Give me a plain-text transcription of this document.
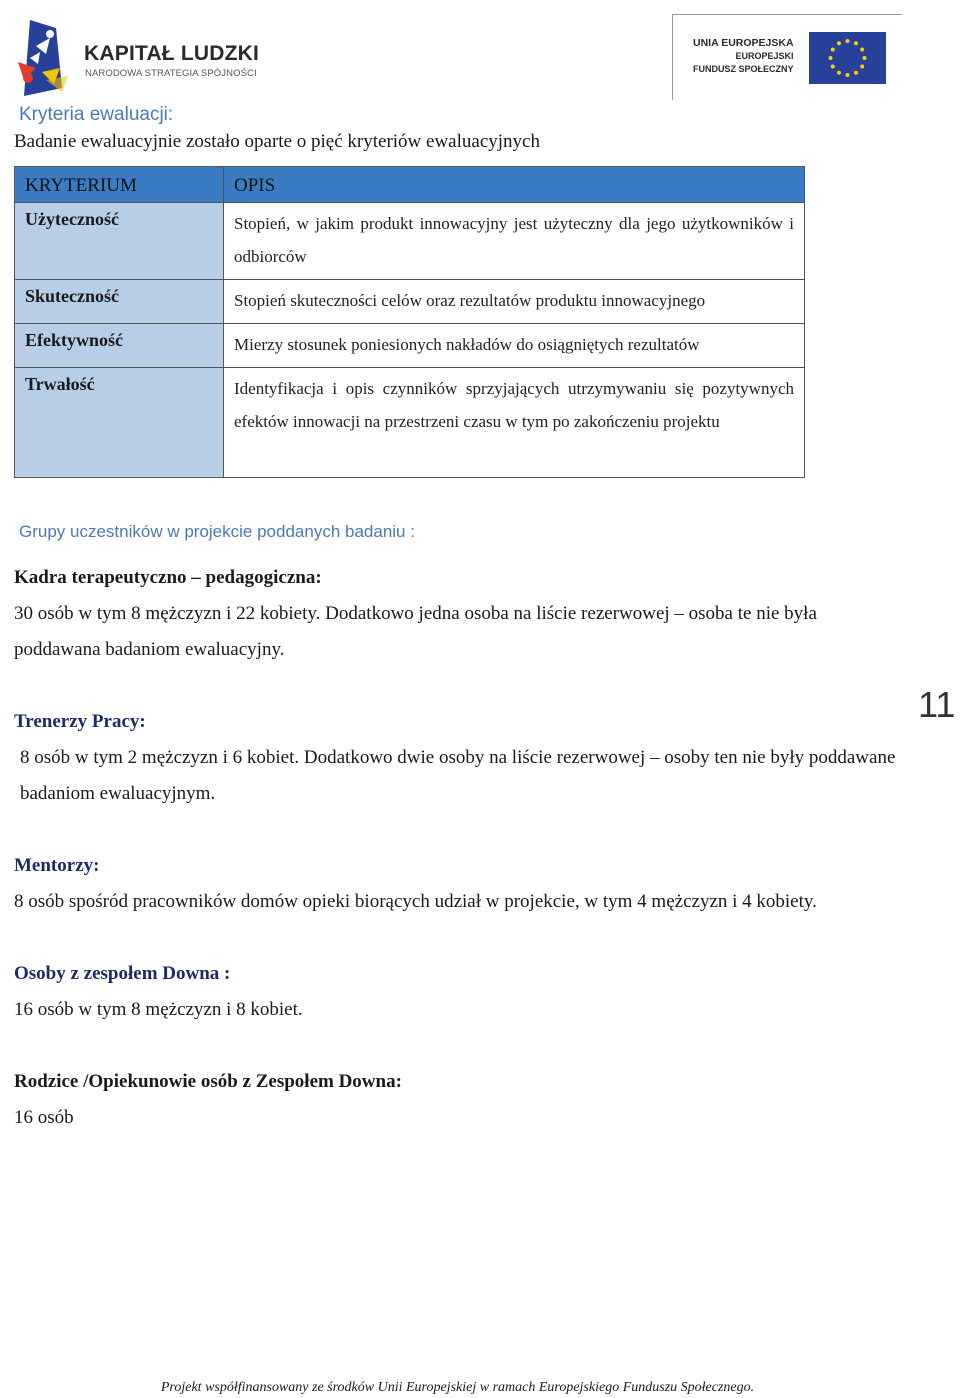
KAPITAŁ LUDZKI
NARODOWA STRATEGIA SPÓJNOŚCI
UNIA EUROPEJSKA
EUROPEJSKI
FUNDUSZ SPOŁECZNY
Kryteria ewaluacji:
Badanie ewaluacyjnie zostało oparte o pięć kryteriów ewaluacyjnych
KRYTERIUM	OPIS
Użyteczność	Stopień, w jakim produkt innowacyjny jest użyteczny dla jego użytkowników i odbiorców
Skuteczność	Stopień skuteczności celów oraz rezultatów produktu innowacyjnego
Efektywność	Mierzy stosunek poniesionych nakładów do osiągniętych rezultatów
Trwałość	Identyfikacja i opis czynników sprzyjających utrzymywaniu się pozytywnych efektów innowacji na przestrzeni czasu w tym po zakończeniu projektu
Grupy uczestników w projekcie poddanych badaniu :
Kadra terapeutyczno – pedagogiczna:
30 osób w tym 8 mężczyzn i 22 kobiety. Dodatkowo jedna osoba na liście rezerwowej – osoba te nie była poddawana badaniom ewaluacyjny.
Trenerzy Pracy:
8 osób w tym 2 mężczyzn i 6 kobiet. Dodatkowo dwie osoby na liście rezerwowej – osoby ten nie były poddawane badaniom ewaluacyjnym.
Mentorzy:
8 osób spośród pracowników domów opieki biorących udział w projekcie, w tym 4 mężczyzn i 4 kobiety.
Osoby z zespołem Downa :
16 osób w tym 8 mężczyzn i 8 kobiet.
Rodzice /Opiekunowie osób z Zespołem Downa:
16 osób
11
Projekt współfinansowany ze środków Unii Europejskiej w ramach Europejskiego Funduszu Społecznego.
